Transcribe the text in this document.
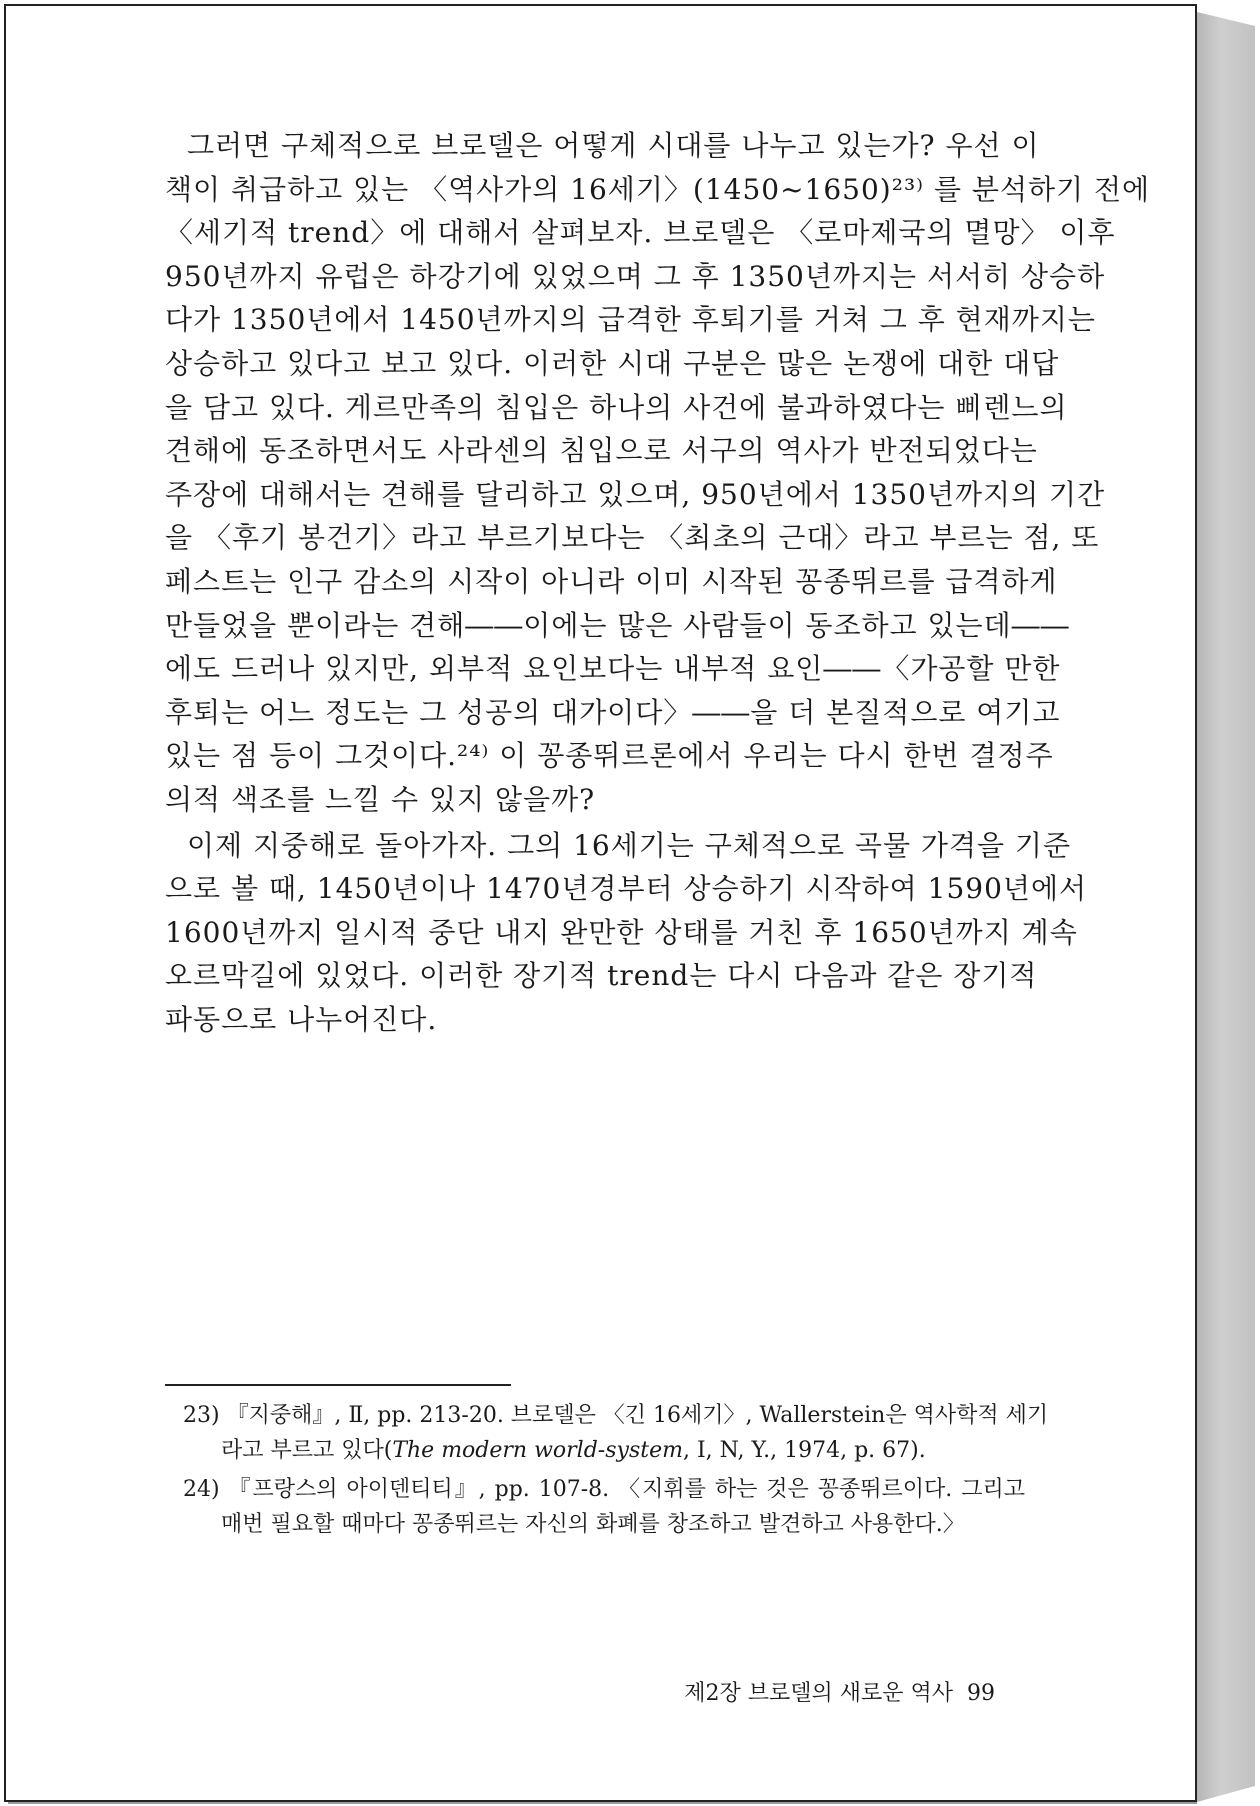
그러면 구체적으로 브로델은 어떻게 시대를 나누고 있는가? 우선 이
책이 취급하고 있는 〈역사가의 16세기〉(1450~1650)²³⁾ 를 분석하기 전에
〈세기적 trend〉에 대해서 살펴보자. 브로델은 〈로마제국의 멸망〉 이후
950년까지 유럽은 하강기에 있었으며 그 후 1350년까지는 서서히 상승하
다가 1350년에서 1450년까지의 급격한 후퇴기를 거쳐 그 후 현재까지는
상승하고 있다고 보고 있다. 이러한 시대 구분은 많은 논쟁에 대한 대답
을 담고 있다. 게르만족의 침입은 하나의 사건에 불과하였다는 삐렌느의
견해에 동조하면서도 사라센의 침입으로 서구의 역사가 반전되었다는
주장에 대해서는 견해를 달리하고 있으며, 950년에서 1350년까지의 기간
을 〈후기 봉건기〉라고 부르기보다는 〈최초의 근대〉라고 부르는 점, 또
페스트는 인구 감소의 시작이 아니라 이미 시작된 꽁종뛰르를 급격하게
만들었을 뿐이라는 견해――이에는 많은 사람들이 동조하고 있는데――
에도 드러나 있지만, 외부적 요인보다는 내부적 요인――〈가공할 만한
후퇴는 어느 정도는 그 성공의 대가이다〉――을 더 본질적으로 여기고
있는 점 등이 그것이다.²⁴⁾ 이 꽁종뛰르론에서 우리는 다시 한번 결정주
의적 색조를 느낄 수 있지 않을까?
이제 지중해로 돌아가자. 그의 16세기는 구체적으로 곡물 가격을 기준
으로 볼 때, 1450년이나 1470년경부터 상승하기 시작하여 1590년에서
1600년까지 일시적 중단 내지 완만한 상태를 거친 후 1650년까지 계속
오르막길에 있었다. 이러한 장기적 trend는 다시 다음과 같은 장기적
파동으로 나누어진다.
23) 『지중해』, Ⅱ, pp. 213-20. 브로델은 〈긴 16세기〉, Wallerstein은 역사학적 세기
라고 부르고 있다(The modern world-system, I, N, Y., 1974, p. 67).
24) 『프랑스의 아이덴티티』, pp. 107-8. 〈지휘를 하는 것은 꽁종뛰르이다. 그리고
매번 필요할 때마다 꽁종뛰르는 자신의 화폐를 창조하고 발견하고 사용한다.〉
제2장 브로델의 새로운 역사 99
